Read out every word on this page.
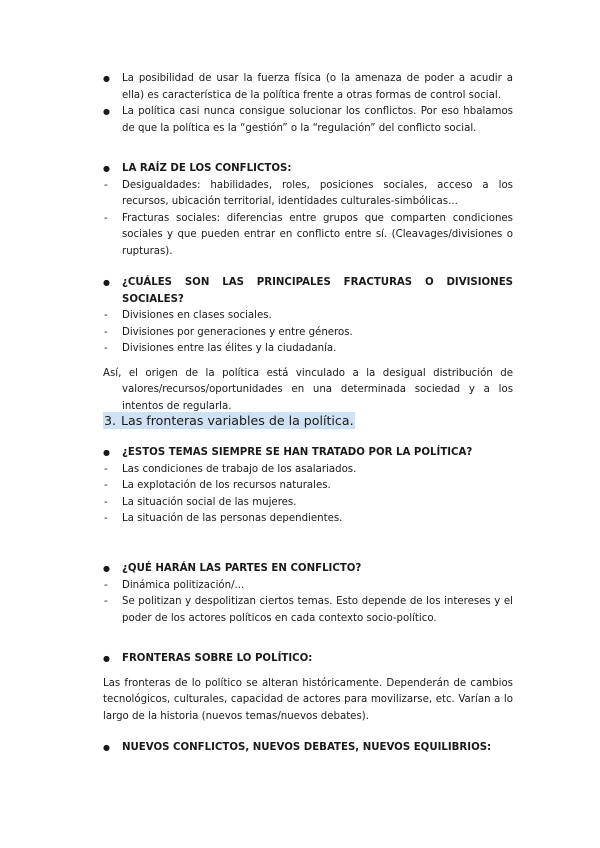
● La posibilidad de usar la fuerza física (o la amenaza de poder a acudir a ella) es característica de la política frente a otras formas de control social.
● La política casi nunca consigue solucionar los conflictos. Por eso hbalamos de que la política es la “gestión” o la “regulación” del conflicto social.
● LA RAÍZ DE LOS CONFLICTOS:
- Desigualdades: habilidades, roles, posiciones sociales, acceso a los recursos, ubicación territorial, identidades culturales-simbólicas...
- Fracturas sociales: diferencias entre grupos que comparten condiciones sociales y que pueden entrar en conflicto entre sí. (Cleavages/divisiones o rupturas).
● ¿CUÁLES SON LAS PRINCIPALES FRACTURAS O DIVISIONES SOCIALES?
- Divisiones en clases sociales.
- Divisiones por generaciones y entre géneros.
- Divisiones entre las élites y la ciudadanía.
Así, el origen de la política está vinculado a la desigual distribución de valores/recursos/oportunidades en una determinada sociedad y a los intentos de regularla.
3. Las fronteras variables de la política.
● ¿ESTOS TEMAS SIEMPRE SE HAN TRATADO POR LA POLÍTICA?
- Las condiciones de trabajo de los asalariados.
- La explotación de los recursos naturales.
- La situación social de las mujeres.
- La situación de las personas dependientes.
● ¿QUÉ HARÁN LAS PARTES EN CONFLICTO?
- Dinámica politización/...
- Se politizan y despolitizan ciertos temas. Esto depende de los intereses y el poder de los actores políticos en cada contexto socio-político.
● FRONTERAS SOBRE LO POLÍTICO:
Las fronteras de lo político se alteran históricamente. Dependerán de cambios tecnológicos, culturales, capacidad de actores para movilizarse, etc. Varían a lo largo de la historia (nuevos temas/nuevos debates).
● NUEVOS CONFLICTOS, NUEVOS DEBATES, NUEVOS EQUILIBRIOS:
